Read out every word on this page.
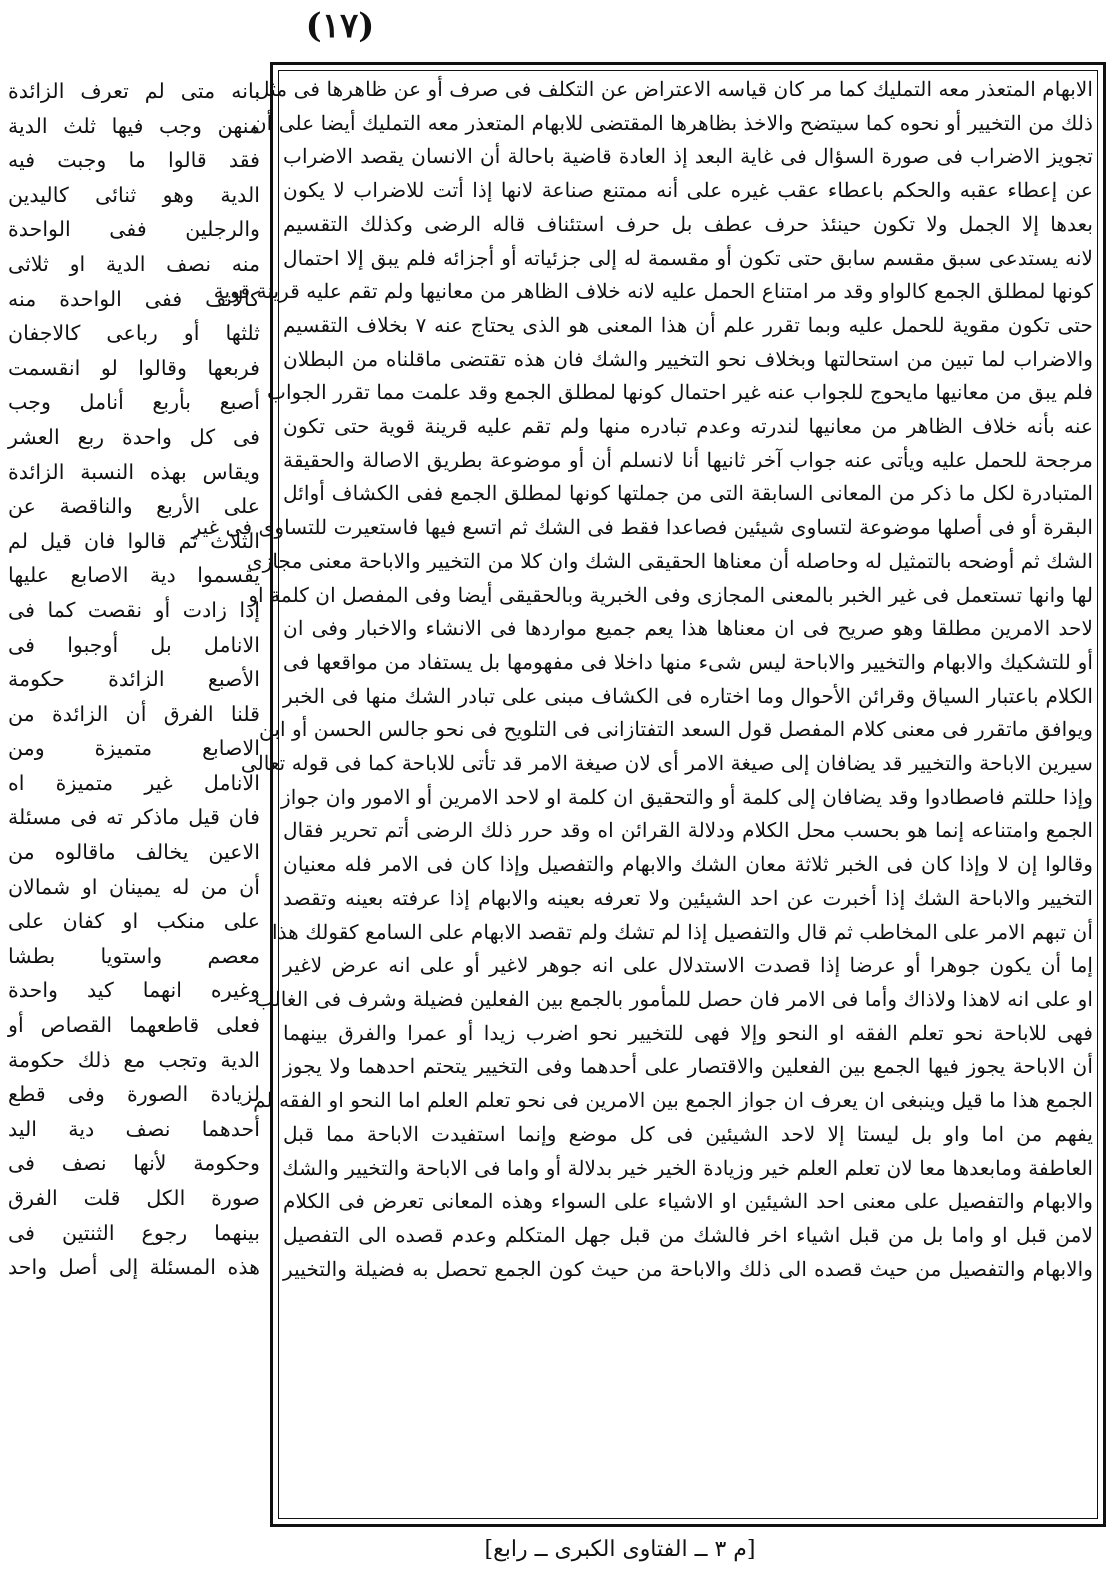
(١٧)
بانه متى لم تعرف الزائدة
منهن وجب فيها ثلث الدية
فقد قالوا ما وجبت فيه
الدية وهو ثنائى كاليدين
والرجلين ففى الواحدة
منه نصف الدية او ثلاثى
كالانف ففى الواحدة منه
ثلثها أو رباعى كالاجفان
فربعها وقالوا لو انقسمت
أصبع بأربع أنامل وجب
فى كل واحدة ربع العشر
ويقاس بهذه النسبة الزائدة
على الأربع والناقصة عن
الثلاث ثم قالوا فان قيل لم
يقسموا دية الاصابع عليها
إذا زادت أو نقصت كما فى
الانامل بل أوجبوا فى
الأصبع الزائدة حكومة
قلنا الفرق أن الزائدة من
الاصابع متميزة ومن
الانامل غير متميزة اه
فان قيل ماذكر ته فى مسئلة
الاعين يخالف ماقالوه من
أن من له يمينان او شمالان
على منكب او كفان على
معصم واستويا بطشا
وغيره انهما كيد واحدة
فعلى قاطعهما القصاص أو
الدية وتجب مع ذلك حكومة
لزيادة الصورة وفى قطع
أحدهما نصف دية اليد
وحكومة لأنها نصف فى
صورة الكل قلت الفرق
بينهما رجوع الثنتين فى
هذه المسئلة إلى أصل واحد
الابهام المتعذر معه التمليك كما مر كان قياسه الاعتراض عن التكلف فى صرف أو عن ظاهرها فى مثل
ذلك من التخيير أو نحوه كما سيتضح والاخذ بظاهرها المقتضى للابهام المتعذر معه التمليك أيضا على أن
تجويز الاضراب فى صورة السؤال فى غاية البعد إذ العادة قاضية باحالة أن الانسان يقصد الاضراب
عن إعطاء عقبه والحكم باعطاء عقب غيره على أنه ممتنع صناعة لانها إذا أتت للاضراب لا يكون
بعدها إلا الجمل ولا تكون حينئذ حرف عطف بل حرف استئناف قاله الرضى وكذلك التقسيم
لانه يستدعى سبق مقسم سابق حتى تكون أو مقسمة له إلى جزئياته أو أجزائه فلم يبق إلا احتمال
كونها لمطلق الجمع كالواو وقد مر امتناع الحمل عليه لانه خلاف الظاهر من معانيها ولم تقم عليه قرينة قوية
حتى تكون مقوية للحمل عليه وبما تقرر علم أن هذا المعنى هو الذى يحتاج عنه ٧ بخلاف التقسيم
والاضراب لما تبين من استحالتها وبخلاف نحو التخيير والشك فان هذه تقتضى ماقلناه من البطلان
فلم يبق من معانيها مايحوج للجواب عنه غير احتمال كونها لمطلق الجمع وقد علمت مما تقرر الجواب
عنه بأنه خلاف الظاهر من معانيها لندرته وعدم تبادره منها ولم تقم عليه قرينة قوية حتى تكون
مرجحة للحمل عليه ويأتى عنه جواب آخر ثانيها أنا لانسلم أن أو موضوعة بطريق الاصالة والحقيقة
المتبادرة لكل ما ذكر من المعانى السابقة التى من جملتها كونها لمطلق الجمع ففى الكشاف أوائل
البقرة أو فى أصلها موضوعة لتساوى شيئين فصاعدا فقط فى الشك ثم اتسع فيها فاستعيرت للتساوى فى غير
الشك ثم أوضحه بالتمثيل له وحاصله أن معناها الحقيقى الشك وان كلا من التخيير والاباحة معنى مجازى
لها وانها تستعمل فى غير الخبر بالمعنى المجازى وفى الخبرية وبالحقيقى أيضا وفى المفصل ان كلمة او
لاحد الامرين مطلقا وهو صريح فى ان معناها هذا يعم جميع مواردها فى الانشاء والاخبار وفى ان
أو للتشكيك والابهام والتخيير والاباحة ليس شىء منها داخلا فى مفهومها بل يستفاد من مواقعها فى
الكلام باعتبار السياق وقرائن الأحوال وما اختاره فى الكشاف مبنى على تبادر الشك منها فى الخبر
ويوافق ماتقرر فى معنى كلام المفصل قول السعد التفتازانى فى التلويح فى نحو جالس الحسن أو ابن
سيرين الاباحة والتخيير قد يضافان إلى صيغة الامر أى لان صيغة الامر قد تأتى للاباحة كما فى قوله تعالى
وإذا حللتم فاصطادوا وقد يضافان إلى كلمة أو والتحقيق ان كلمة او لاحد الامرين أو الامور وان جواز
الجمع وامتناعه إنما هو بحسب محل الكلام ودلالة القرائن اه وقد حرر ذلك الرضى أتم تحرير فقال
وقالوا إن لا وإذا كان فى الخبر ثلاثة معان الشك والابهام والتفصيل وإذا كان فى الامر فله معنيان
التخيير والاباحة الشك إذا أخبرت عن احد الشيئين ولا تعرفه بعينه والابهام إذا عرفته بعينه وتقصد
أن تبهم الامر على المخاطب ثم قال والتفصيل إذا لم تشك ولم تقصد الابهام على السامع كقولك هذا
إما أن يكون جوهرا أو عرضا إذا قصدت الاستدلال على انه جوهر لاغير أو على انه عرض لاغير
او على انه لاهذا ولاذاك وأما فى الامر فان حصل للمأمور بالجمع بين الفعلين فضيلة وشرف فى الغالب
فهى للاباحة نحو تعلم الفقه او النحو وإلا فهى للتخيير نحو اضرب زيدا أو عمرا والفرق بينهما
أن الاباحة يجوز فيها الجمع بين الفعلين والاقتصار على أحدهما وفى التخيير يتحتم احدهما ولا يجوز
الجمع هذا ما قيل وينبغى ان يعرف ان جواز الجمع بين الامرين فى نحو تعلم العلم اما النحو او الفقه لم
يفهم من اما واو بل ليستا إلا لاحد الشيئين فى كل موضع وإنما استفيدت الاباحة مما قبل
العاطفة ومابعدها معا لان تعلم العلم خير وزيادة الخير خير بدلالة أو واما فى الاباحة والتخيير والشك
والابهام والتفصيل على معنى احد الشيئين او الاشياء على السواء وهذه المعانى تعرض فى الكلام
لامن قبل او واما بل من قبل اشياء اخر فالشك من قبل جهل المتكلم وعدم قصده الى التفصيل
والابهام والتفصيل من حيث قصده الى ذلك والاباحة من حيث كون الجمع تحصل به فضيلة والتخيير
[م ٣ ــ الفتاوى الكبرى ــ رابع]
